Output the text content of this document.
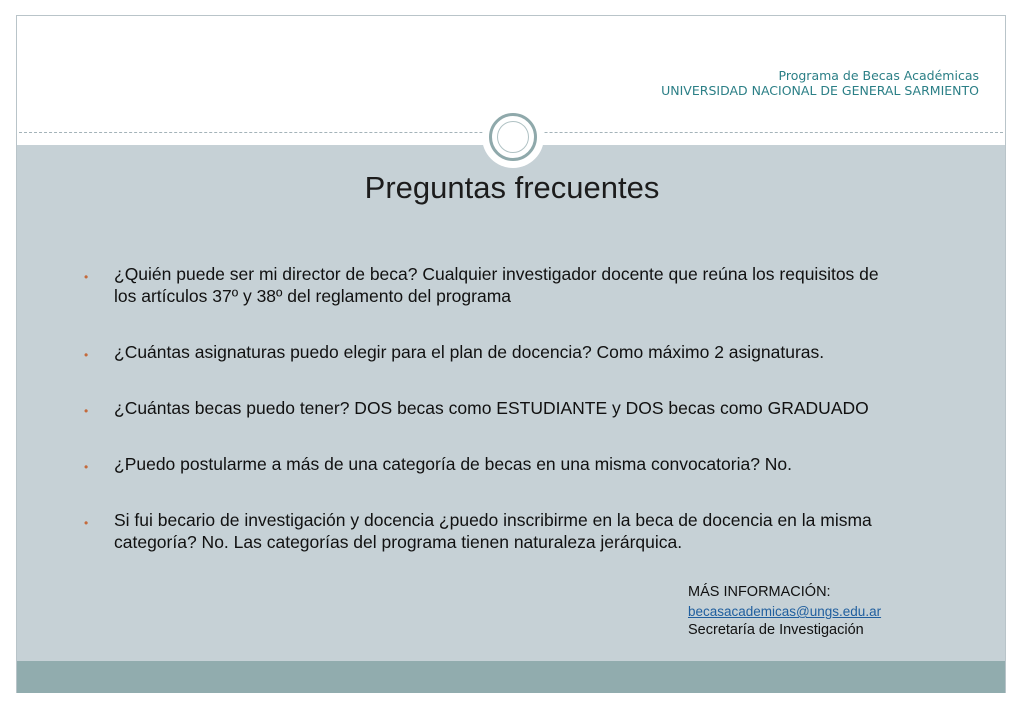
Programa de Becas Académicas
UNIVERSIDAD NACIONAL DE GENERAL SARMIENTO
Preguntas frecuentes
• ¿Quién puede ser mi director de beca? Cualquier investigador docente que reúna los requisitos de los artículos 37º y 38º del reglamento del programa
• ¿Cuántas asignaturas puedo elegir para el plan de docencia? Como máximo 2 asignaturas.
• ¿Cuántas becas puedo tener? DOS becas como ESTUDIANTE y DOS becas como GRADUADO
• ¿Puedo postularme a más de una categoría de becas en una misma convocatoria? No.
• Si fui becario de investigación y docencia ¿puedo inscribirme en la beca de docencia en la misma categoría? No. Las categorías del programa tienen naturaleza jerárquica.
MÁS INFORMACIÓN:
becasacademicas@ungs.edu.ar
Secretaría de Investigación
